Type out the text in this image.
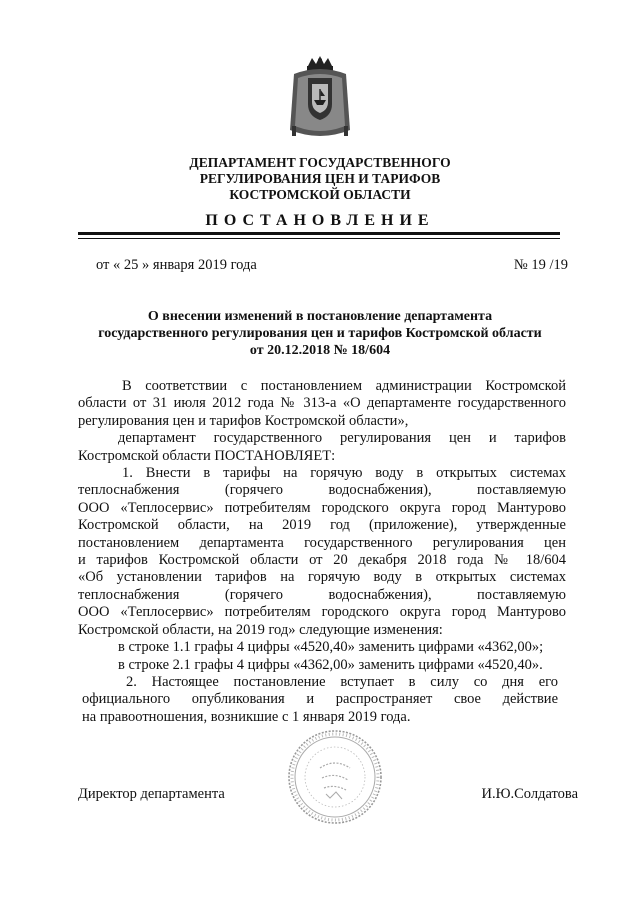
ДЕПАРТАМЕНТ ГОСУДАРСТВЕННОГО
РЕГУЛИРОВАНИЯ ЦЕН И ТАРИФОВ
КОСТРОМСКОЙ ОБЛАСТИ
ПОСТАНОВЛЕНИЕ
от « 25 » января 2019 года	№ 19 /19
О внесении изменений в постановление департамента
государственного регулирования цен и тарифов Костромской области
от 20.12.2018 № 18/604

В соответствии с постановлением администрации Костромской

области от 31 июля 2012 года № 313-а «О департаменте государственного

регулирования цен и тарифов Костромской области»,

департамент государственного регулирования цен и тарифов

Костромской области ПОСТАНОВЛЯЕТ:

1. Внести в тарифы на горячую воду в открытых системах

теплоснабжения (горячего водоснабжения), поставляемую

ООО «Теплосервис» потребителям городского округа город Мантурово

Костромской области, на 2019 год (приложение), утвержденные

постановлением департамента государственного регулирования цен

и тарифов Костромской области от 20 декабря 2018 года № 18/604

«Об установлении тарифов на горячую воду в открытых системах

теплоснабжения (горячего водоснабжения), поставляемую

ООО «Теплосервис» потребителям городского округа город Мантурово

Костромской области, на 2019 год» следующие изменения:

в строке 1.1 графы 4 цифры «4520,40» заменить цифрами «4362,00»;

в строке 2.1 графы 4 цифры «4362,00» заменить цифрами «4520,40».

2. Настоящее постановление вступает в силу со дня его

официального опубликования и распространяет свое действие

на правоотношения, возникшие с 1 января 2019 года.

Директор департамента	И.Ю.Солдатова
